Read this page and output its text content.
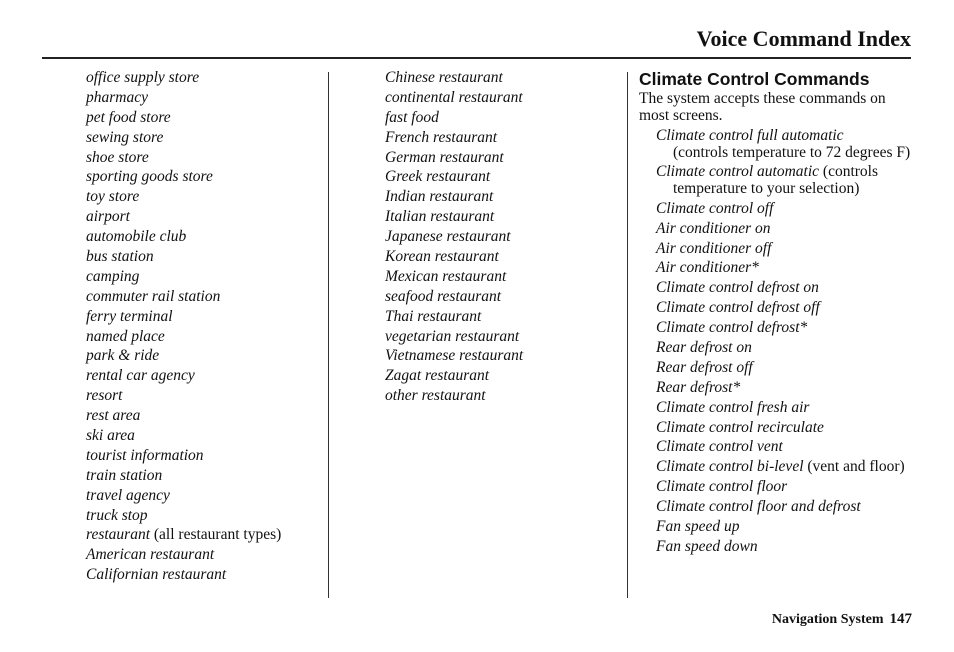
Voice Command Index
office supply store
pharmacy
pet food store
sewing store
shoe store
sporting goods store
toy store
airport
automobile club
bus station
camping
commuter rail station
ferry terminal
named place
park & ride
rental car agency
resort
rest area
ski area
tourist information
train station
travel agency
truck stop
restaurant (all restaurant types)
American restaurant
Californian restaurant
Chinese restaurant
continental restaurant
fast food
French restaurant
German restaurant
Greek restaurant
Indian restaurant
Italian restaurant
Japanese restaurant
Korean restaurant
Mexican restaurant
seafood restaurant
Thai restaurant
vegetarian restaurant
Vietnamese restaurant
Zagat restaurant
other restaurant
Climate Control Commands
The system accepts these commands on most screens.
Climate control full automatic
(controls temperature to 72 degrees F)
Climate control automatic (controls temperature to your selection)
Climate control off
Air conditioner on
Air conditioner off
Air conditioner*
Climate control defrost on
Climate control defrost off
Climate control defrost*
Rear defrost on
Rear defrost off
Rear defrost*
Climate control fresh air
Climate control recirculate
Climate control vent
Climate control bi-level (vent and floor)
Climate control floor
Climate control floor and defrost
Fan speed up
Fan speed down
Navigation System 147
